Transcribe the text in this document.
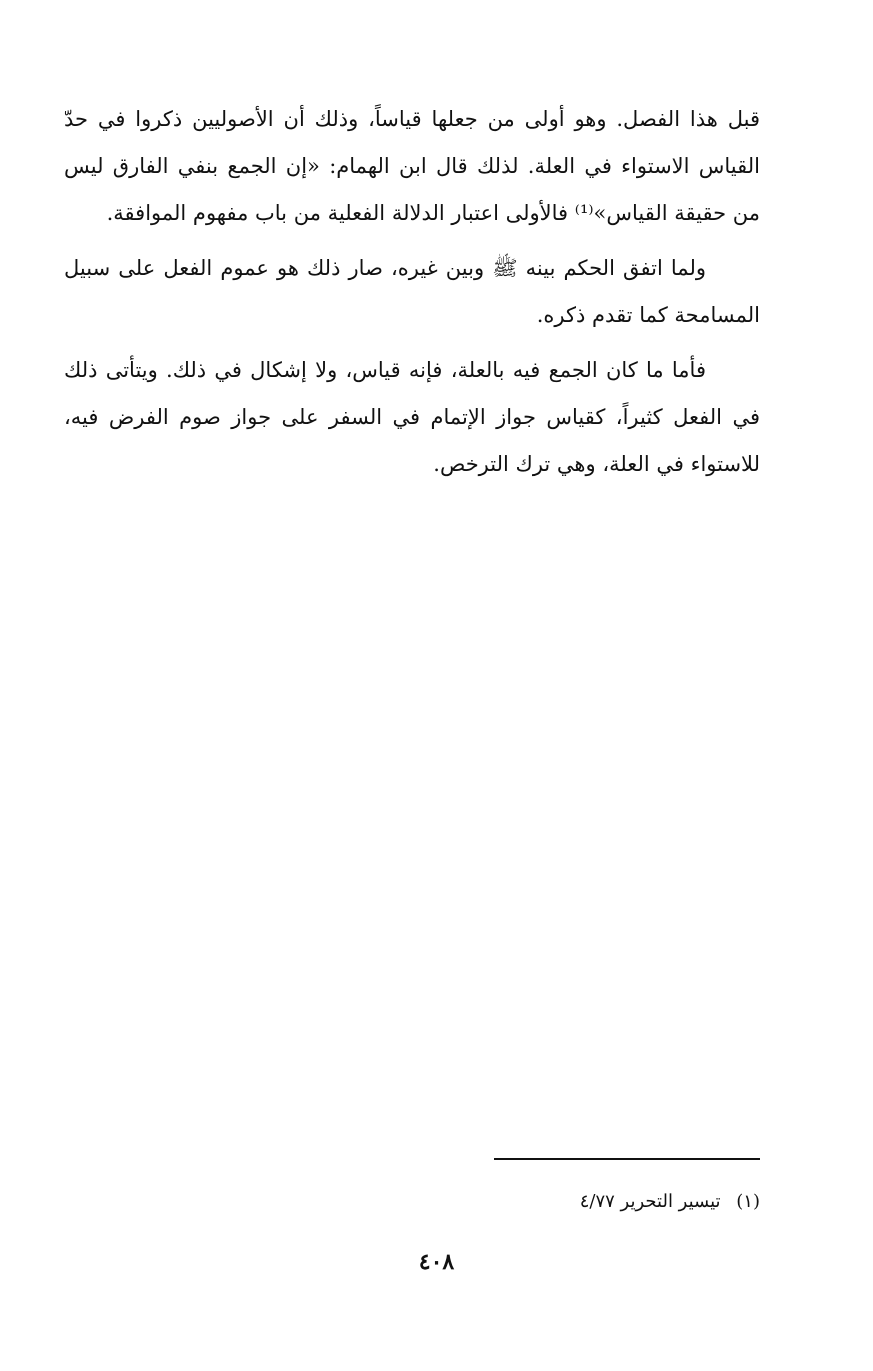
قبل هذا الفصل. وهو أولى من جعلها قياساً، وذلك أن الأصوليين ذكروا في حدّ القياس الاستواء في العلة. لذلك قال ابن الهمام: «إن الجمع بنفي الفارق ليس من حقيقة القياس»⁽¹⁾ فالأولى اعتبار الدلالة الفعلية من باب مفهوم الموافقة.

ولما اتفق الحكم بينه ﷺ وبين غيره، صار ذلك هو عموم الفعل على سبيل المسامحة كما تقدم ذكره.

فأما ما كان الجمع فيه بالعلة، فإنه قياس، ولا إشكال في ذلك. ويتأتى ذلك في الفعل كثيراً، كقياس جواز الإتمام في السفر على جواز صوم الفرض فيه، للاستواء في العلة، وهي ترك الترخص.

(١) تيسير التحرير ٤/٧٧
٤٠٨
